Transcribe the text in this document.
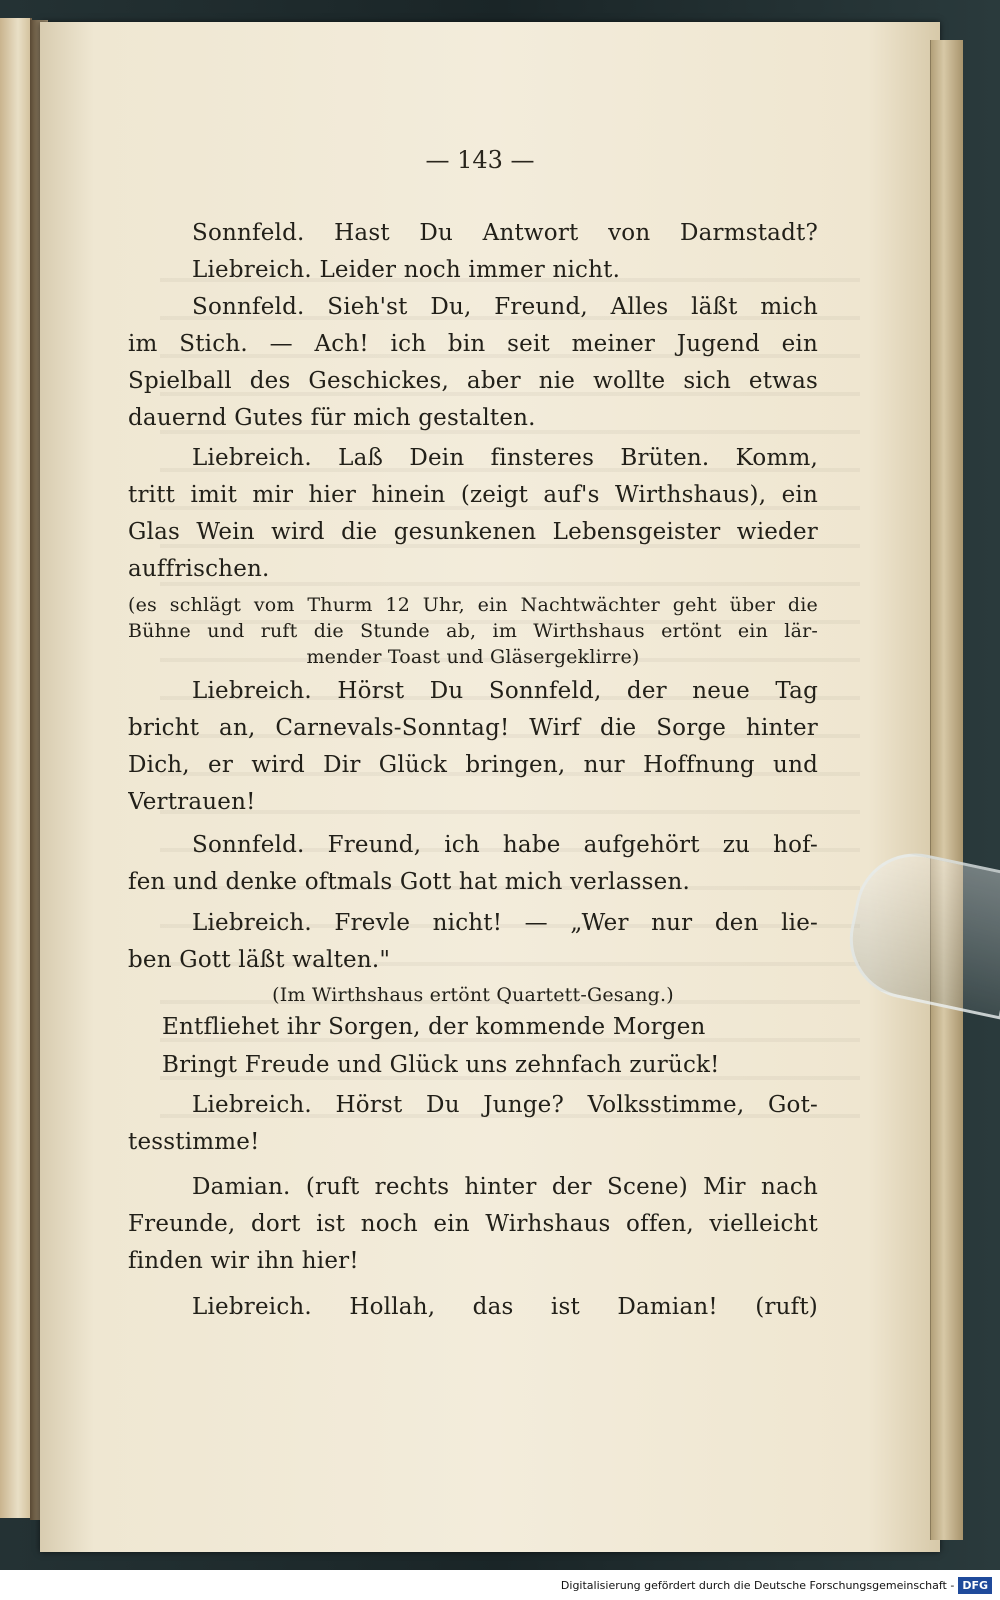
— 143 —
Sonnfeld. Hast Du Antwort von Darmstadt?
Liebreich. Leider noch immer nicht.
Sonnfeld. Sieh'st Du, Freund, Alles läßt mich
im Stich. — Ach! ich bin seit meiner Jugend ein
Spielball des Geschickes, aber nie wollte sich etwas
dauernd Gutes für mich gestalten.
Liebreich. Laß Dein finsteres Brüten. Komm,
tritt imit mir hier hinein (zeigt auf's Wirthshaus), ein
Glas Wein wird die gesunkenen Lebensgeister wieder
auffrischen.
(es schlägt vom Thurm 12 Uhr, ein Nachtwächter geht über die
Bühne und ruft die Stunde ab, im Wirthshaus ertönt ein lär-
mender Toast und Gläsergeklirre)
Liebreich. Hörst Du Sonnfeld, der neue Tag
bricht an, Carnevals-Sonntag! Wirf die Sorge hinter
Dich, er wird Dir Glück bringen, nur Hoffnung und
Vertrauen!
Sonnfeld. Freund, ich habe aufgehört zu hof-
fen und denke oftmals Gott hat mich verlassen.
Liebreich. Frevle nicht! — „Wer nur den lie-
ben Gott läßt walten."
(Im Wirthshaus ertönt Quartett-Gesang.)
Entfliehet ihr Sorgen, der kommende Morgen
Bringt Freude und Glück uns zehnfach zurück!
Liebreich. Hörst Du Junge? Volksstimme, Got-
tesstimme!
Damian. (ruft rechts hinter der Scene) Mir nach
Freunde, dort ist noch ein Wirhshaus offen, vielleicht
finden wir ihn hier!
Liebreich. Hollah, das ist Damian! (ruft)
Digitalisierung gefördert durch die Deutsche Forschungsgemeinschaft - DFG
